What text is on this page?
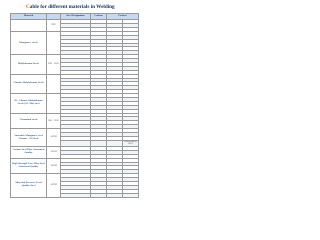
Cable for different materials in Welding
Material		Steel Designation	Carbon	Preheat	
	DIN				

Manganese steels					

Molybdenum Steels	ISO · 5936				

Chrome Molybdenum Steels					

Ni - Chrome Molybdenum Steels (Ni - Mo) steel					

Chromium steels	ISO · 5936				

Austenitic Manganese steel Chrome - Ni Steels	ASTM				

					Preheat only to 150°C
Carbon Steel Plate Structural Quality	ASTM				

High Strength Low Alloy Steel Structural Quality	ASTM				

Alloy and Pressure Vessel Quality Steel	ASTM				
